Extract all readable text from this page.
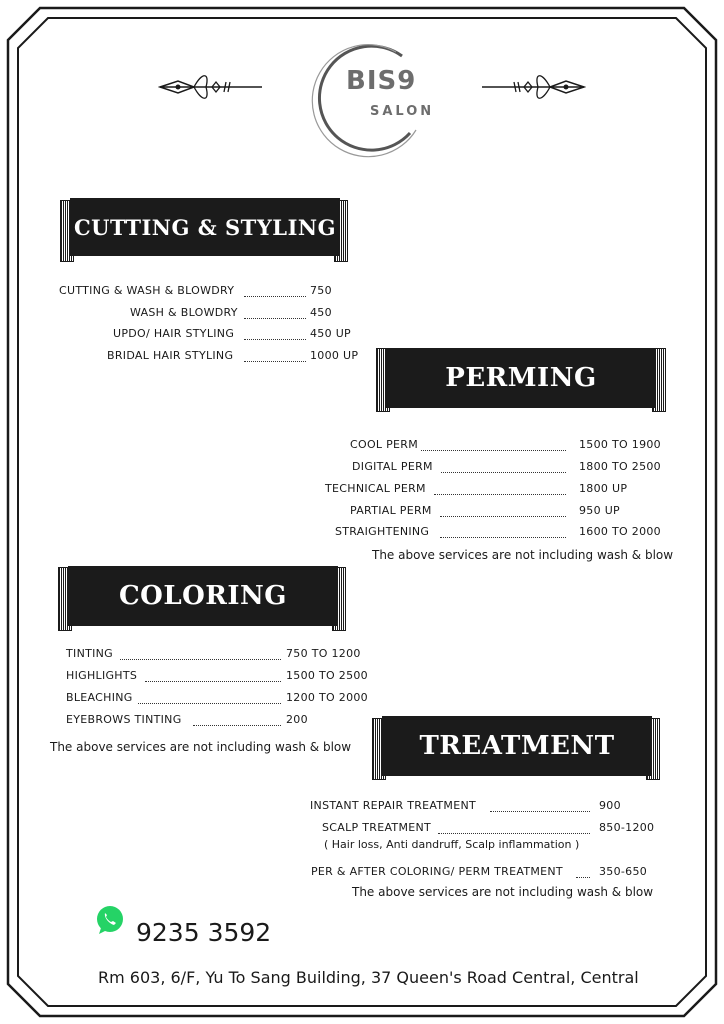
BIS9
SALON
CUTTING & STYLING
CUTTING & WASH & BLOWDRY	750
WASH & BLOWDRY	450
UPDO/ HAIR STYLING	450 UP
BRIDAL HAIR STYLING	1000 UP
PERMING
COOL PERM	1500 TO 1900
DIGITAL PERM	1800 TO 2500
TECHNICAL PERM	1800 UP
PARTIAL PERM	950 UP
STRAIGHTENING	1600 TO 2000
The above services are not including wash & blow
COLORING
TINTING	750 TO 1200
HIGHLIGHTS	1500 TO 2500
BLEACHING	1200 TO 2000
EYEBROWS TINTING	200
The above services are not including wash & blow	TREATMENT
INSTANT REPAIR TREATMENT	900
SCALP TREATMENT	850-1200
PER & AFTER COLORING/ PERM TREATMENT	350-650
( Hair loss, Anti dandruff, Scalp inflammation )
The above services are not including wash & blow
9235 3592
Rm 603, 6/F, Yu To Sang Building, 37 Queen's Road Central, Central
